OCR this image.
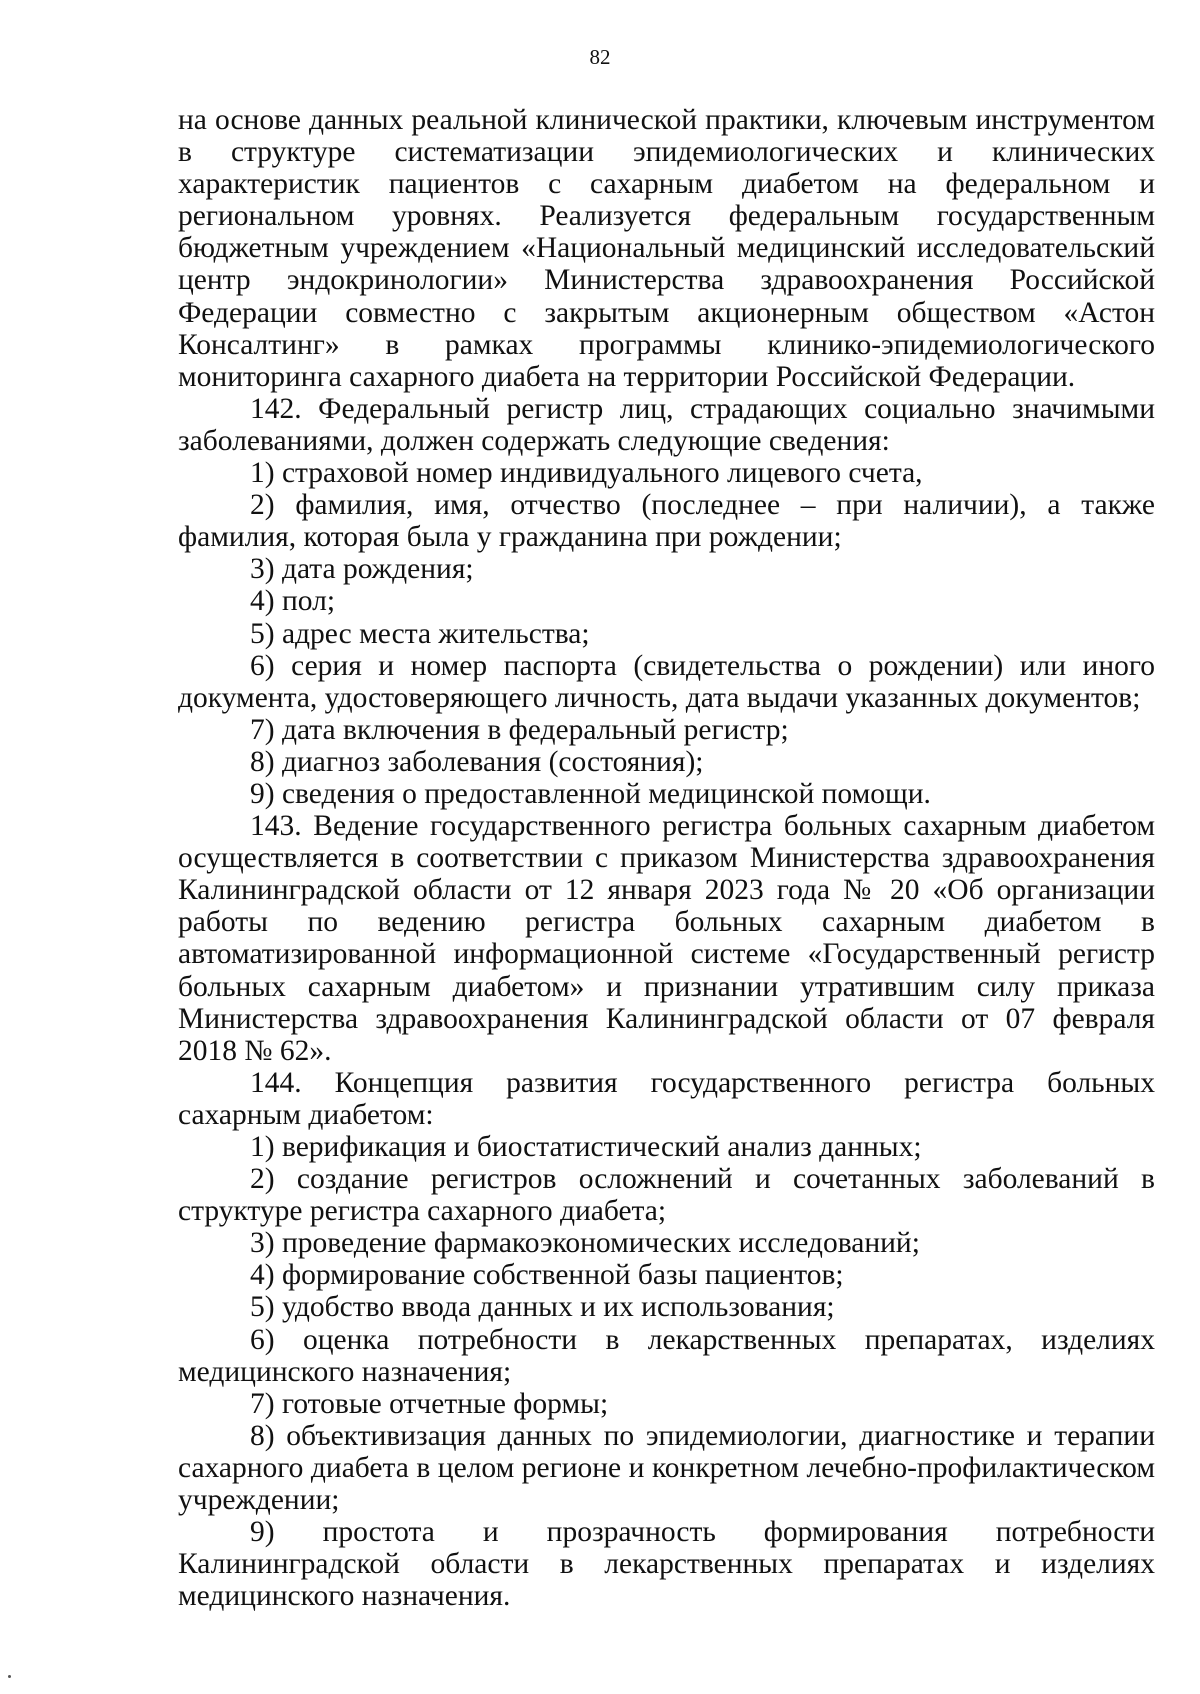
82

на основе данных реальной клинической практики, ключевым инструментом в структуре систематизации эпидемиологических и клинических характеристик пациентов с сахарным диабетом на федеральном и региональном уровнях. Реализуется федеральным государственным бюджетным учреждением «Национальный медицинский исследовательский центр эндокринологии» Министерства здравоохранения Российской Федерации совместно с закрытым акционерным обществом «Астон Консалтинг» в рамках программы клинико-эпидемиологического мониторинга сахарного диабета на территории Российской Федерации.

142. Федеральный регистр лиц, страдающих социально значимыми заболеваниями, должен содержать следующие сведения:

1) страховой номер индивидуального лицевого счета,

2) фамилия, имя, отчество (последнее – при наличии), а также фамилия, которая была у гражданина при рождении;

3) дата рождения;

4) пол;

5) адрес места жительства;

6) серия и номер паспорта (свидетельства о рождении) или иного документа, удостоверяющего личность, дата выдачи указанных документов;

7) дата включения в федеральный регистр;

8) диагноз заболевания (состояния);

9) сведения о предоставленной медицинской помощи.

143. Ведение государственного регистра больных сахарным диабетом осуществляется в соответствии с приказом Министерства здравоохранения Калининградской области от 12 января 2023 года № 20 «Об организации работы по ведению регистра больных сахарным диабетом в автоматизированной информационной системе «Государственный регистр больных сахарным диабетом» и признании утратившим силу приказа Министерства здравоохранения Калининградской области от 07 февраля 2018 № 62».

144. Концепция развития государственного регистра больных сахарным диабетом:

1) верификация и биостатистический анализ данных;

2) создание регистров осложнений и сочетанных заболеваний в структуре регистра сахарного диабета;

3) проведение фармакоэкономических исследований;

4) формирование собственной базы пациентов;

5) удобство ввода данных и их использования;

6) оценка потребности в лекарственных препаратах, изделиях медицинского назначения;

7) готовые отчетные формы;

8) объективизация данных по эпидемиологии, диагностике и терапии сахарного диабета в целом регионе и конкретном лечебно-профилактическом учреждении;

9) простота и прозрачность формирования потребности Калининградской области в лекарственных препаратах и изделиях медицинского назначения.
